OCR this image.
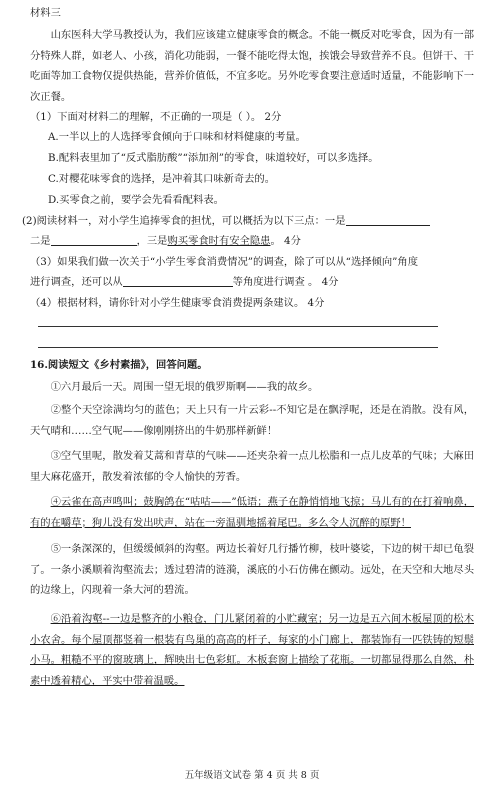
材料三

山东医科大学马教授认为，我们应该建立健康零食的概念。不能一概反对吃零食，因为有一部分特殊人群，如老人、小孩，消化功能弱，一餐不能吃得太饱，挨饿会导致营养不良。但饼干、干吃面等加工食物仅提供热能，营养价值低，不宜多吃。另外吃零食要注意适时适量，不能影响下一次正餐。

（1）下面对材料二的理解，不正确的一项是（ ）。 2分
A.一半以上的人选择零食倾向于口味和材料健康的考量。
B.配料表里加了“反式脂肪酸”“添加剂”的零食，味道较好，可以多选择。
C.对樱花味零食的选择，是冲着其口味新奇去的。
D.买零食之前，要学会先看看配料表。
(2)阅读材料一，对小学生追捧零食的担忧，可以概括为以下三点：一是
二是	，三是购买零食时有安全隐患。 4分
（3）如果我们做一次关于“小学生零食消费情况”的调查，除了可以从“选择倾向”角度
进行调查，还可以从	等角度进行调查 。 4分
（4）根据材料，请你针对小学生健康零食消费提两条建议。 4分
16.阅读短文《乡村素描》，回答问题。

①六月最后一天。周围一望无垠的俄罗斯啊——我的故乡。

②整个天空涂满均匀的蓝色；天上只有一片云彩--不知它是在飘浮呢，还是在消散。没有风，天气晴和……空气呢——像刚刚挤出的牛奶那样新鲜！

③空气里呢，散发着艾蒿和青草的气味——还夹杂着一点儿松脂和一点儿皮革的气味；大麻田里大麻花盛开，散发着浓郁的令人愉快的芳香。

④云雀在高声鸣叫；鼓胸鸽在“咕咕——”低语；燕子在静悄悄地飞掠；马儿有的在打着响鼻，有的在嚼草；狗儿没有发出吠声，站在一旁温驯地摇着尾巴。多么令人沉醉的原野！

⑤一条深深的，但缓缓倾斜的沟壑。两边长着好几行播竹柳，枝叶婆娑，下边的树干却已龟裂了。一条小溪顺着沟壑流去；透过碧清的涟漪，溪底的小石仿佛在颤动。远处，在天空和大地尽头的边缘上，闪现着一条大河的碧流。

⑥沿着沟壑--一边是整齐的小粮仓，门儿紧闭着的小贮藏室；另一边是五六间木板屋顶的松木小农舍。每个屋顶都竖着一根装有鸟巢的高高的杆子，每家的小门廊上，都装饰有一匹铁铸的短鬃小马。粗糙不平的窗玻璃上，辉映出七色彩虹。木板套窗上描绘了花瓶。一切都显得那么自然，朴素中透着精心，平实中带着温暖。

五年级语文试卷 第 4 页 共 8 页
